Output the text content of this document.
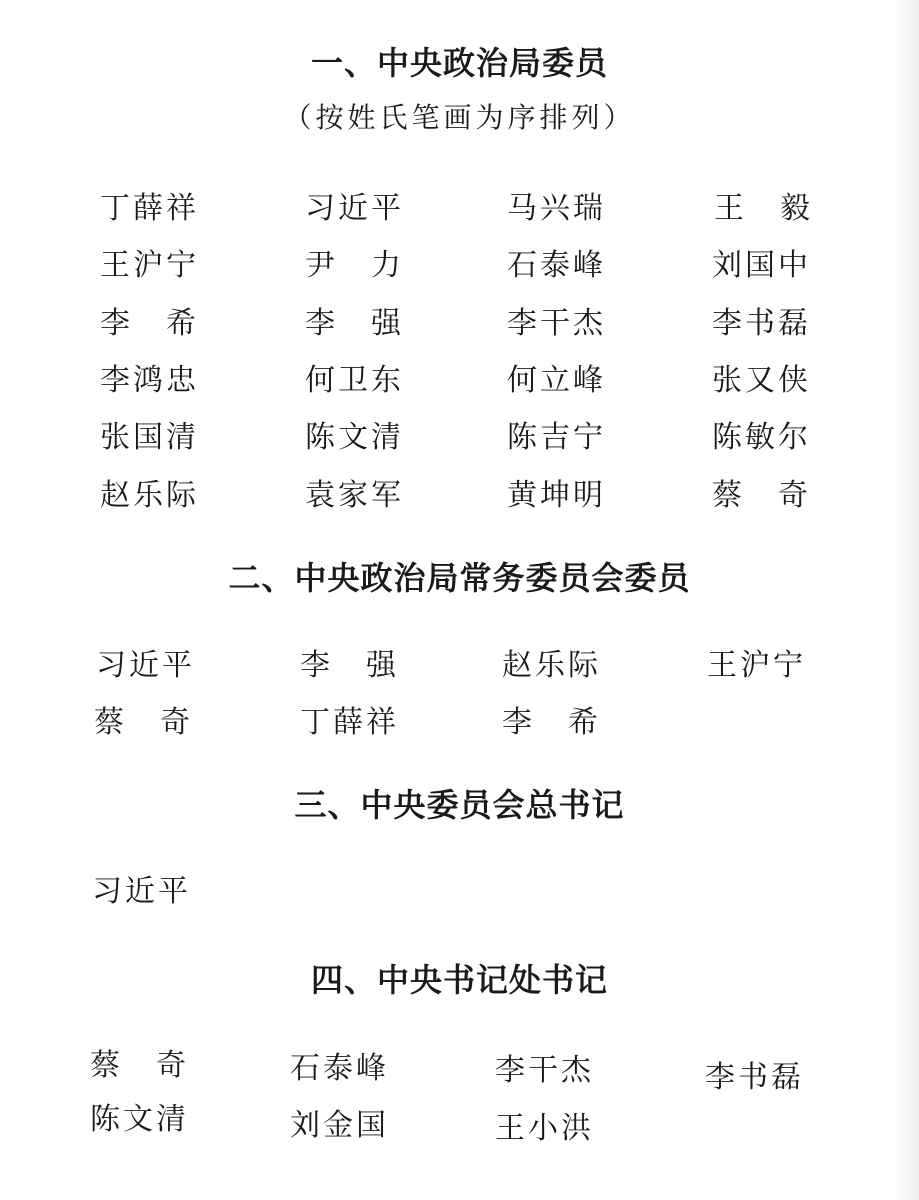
一、中央政治局委员
（按姓氏笔画为序排列）
丁薛祥	习近平	马兴瑞	王　毅
王沪宁	尹　力	石泰峰	刘国中
李　希	李　强	李干杰	李书磊
李鸿忠	何卫东	何立峰	张又侠
张国清	陈文清	陈吉宁	陈敏尔
赵乐际	袁家军	黄坤明	蔡　奇
二、中央政治局常务委员会委员
习近平	李　强	赵乐际	王沪宁
蔡　奇	丁薛祥	李　希
三、中央委员会总书记
习近平
四、中央书记处书记
蔡　奇	石泰峰	李干杰	李书磊
陈文清	刘金国	王小洪
